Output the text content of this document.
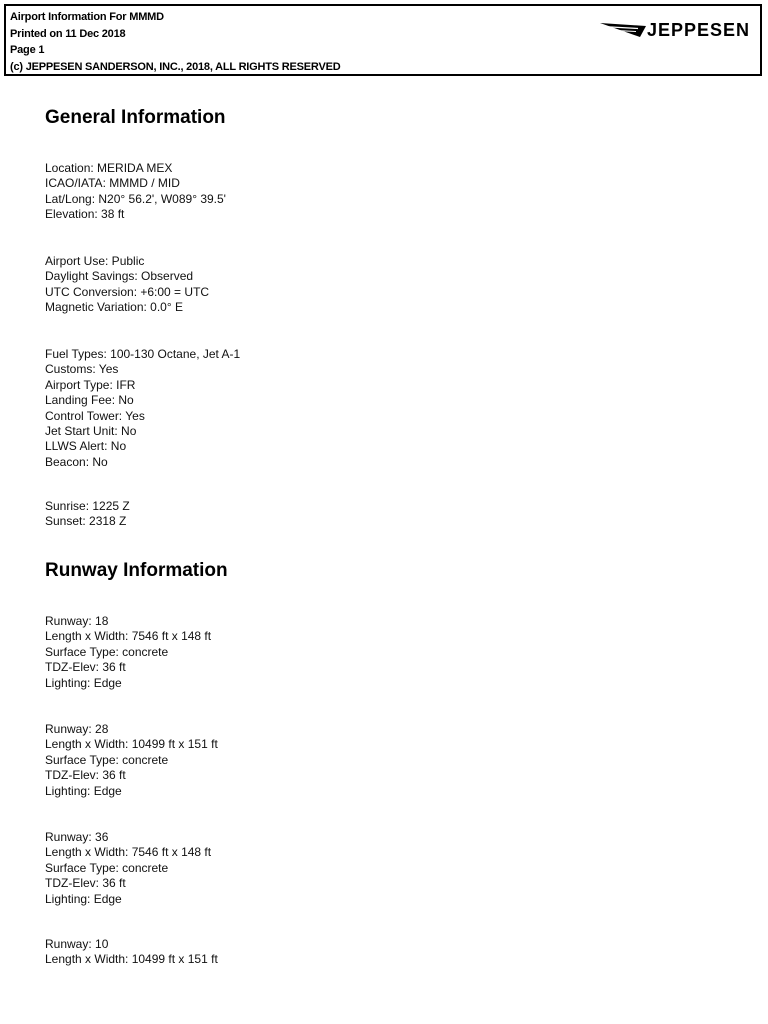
Airport Information For MMMD
Printed on 11 Dec 2018
Page 1
(c) JEPPESEN SANDERSON, INC., 2018, ALL RIGHTS RESERVED
JEPPESEN
General Information
Location: MERIDA MEX
ICAO/IATA: MMMD / MID
Lat/Long: N20° 56.2', W089° 39.5'
Elevation: 38 ft
Airport Use: Public
Daylight Savings: Observed
UTC Conversion: +6:00 = UTC
Magnetic Variation: 0.0° E
Fuel Types: 100-130 Octane, Jet A-1
Customs: Yes
Airport Type: IFR
Landing Fee: No
Control Tower: Yes
Jet Start Unit: No
LLWS Alert: No
Beacon: No
Sunrise: 1225 Z
Sunset: 2318 Z
Runway Information
Runway: 18
Length x Width: 7546 ft x 148 ft
Surface Type: concrete
TDZ-Elev: 36 ft
Lighting: Edge
Runway: 28
Length x Width: 10499 ft x 151 ft
Surface Type: concrete
TDZ-Elev: 36 ft
Lighting: Edge
Runway: 36
Length x Width: 7546 ft x 148 ft
Surface Type: concrete
TDZ-Elev: 36 ft
Lighting: Edge
Runway: 10
Length x Width: 10499 ft x 151 ft
